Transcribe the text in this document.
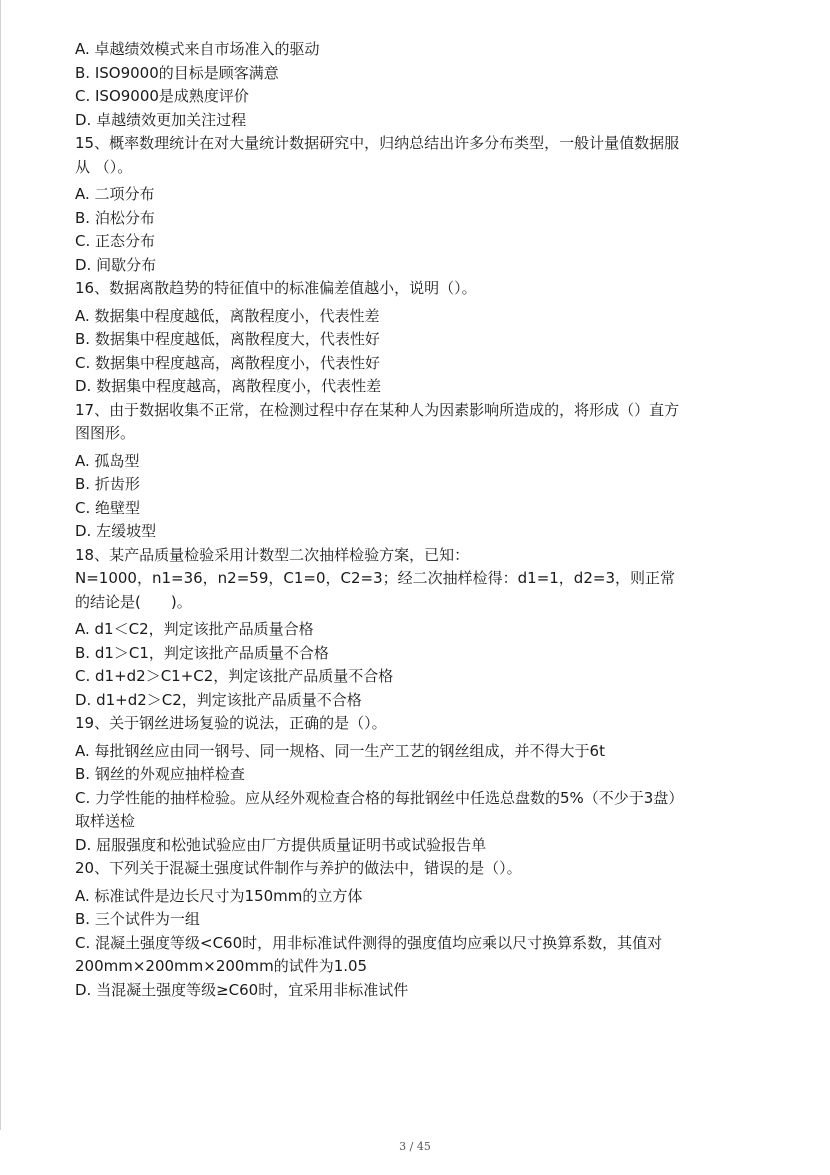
A. 卓越绩效模式来自市场准入的驱动

B. ISO9000的目标是顾客满意

C. ISO9000是成熟度评价

D. 卓越绩效更加关注过程

15、概率数理统计在对大量统计数据研究中，归纳总结出许多分布类型，一般计量值数据服

从 （）。

A. 二项分布

B. 泊松分布

C. 正态分布

D. 间歇分布

16、数据离散趋势的特征值中的标准偏差值越小，说明（）。

A. 数据集中程度越低，离散程度小，代表性差

B. 数据集中程度越低，离散程度大，代表性好

C. 数据集中程度越高，离散程度小，代表性好

D. 数据集中程度越高，离散程度小，代表性差

17、由于数据收集不正常，在检测过程中存在某种人为因素影响所造成的，将形成（）直方

图图形。

A. 孤岛型

B. 折齿形

C. 绝壁型

D. 左缓坡型

18、某产品质量检验采用计数型二次抽样检验方案，已知：

N=1000，n1=36，n2=59，C1=0，C2=3；经二次抽样检得：d1=1，d2=3，则正常

的结论是(　　)。

A. d1＜C2，判定该批产品质量合格

B. d1＞C1，判定该批产品质量不合格

C. d1+d2＞C1+C2，判定该批产品质量不合格

D. d1+d2＞C2，判定该批产品质量不合格

19、关于钢丝进场复验的说法，正确的是（）。

A. 每批钢丝应由同一钢号、同一规格、同一生产工艺的钢丝组成，并不得大于6t

B. 钢丝的外观应抽样检查

C. 力学性能的抽样检验。应从经外观检查合格的每批钢丝中任选总盘数的5%（不少于3盘）

取样送检

D. 屈服强度和松弛试验应由厂方提供质量证明书或试验报告单

20、下列关于混凝土强度试件制作与养护的做法中，错误的是（）。

A. 标准试件是边长尺寸为150mm的立方体

B. 三个试件为一组

C. 混凝土强度等级<C60时，用非标准试件测得的强度值均应乘以尺寸换算系数，其值对

200mm×200mm×200mm的试件为1.05

D. 当混凝土强度等级≥C60时，宜采用非标准试件

3 / 45
